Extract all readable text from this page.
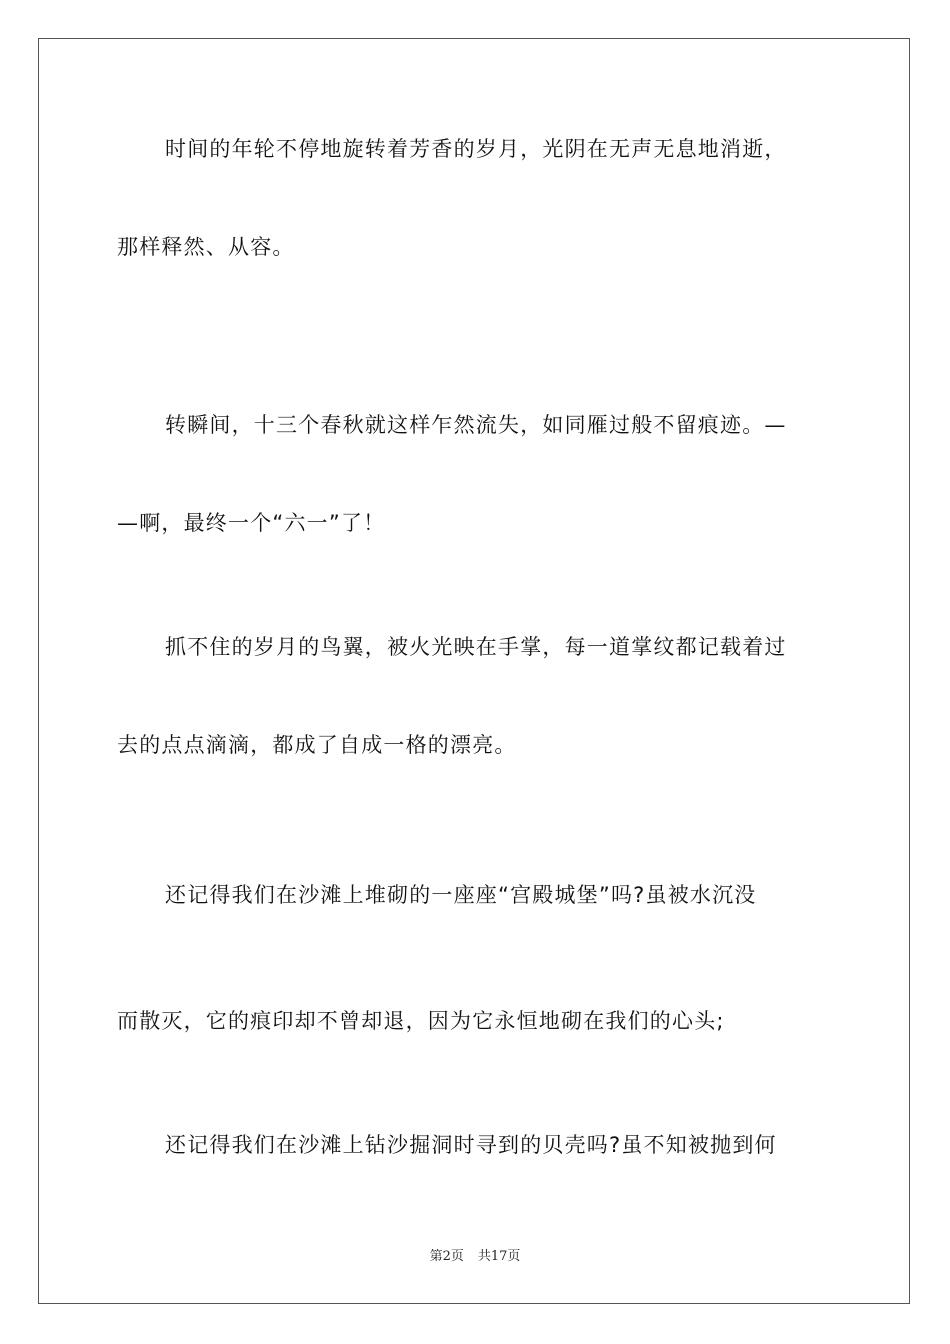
时间的年轮不停地旋转着芳香的岁月，光阴在无声无息地消逝，
那样释然、从容。
转瞬间，十三个春秋就这样乍然流失，如同雁过般不留痕迹。—
—啊，最终一个“六一”了！
抓不住的岁月的鸟翼，被火光映在手掌，每一道掌纹都记载着过
去的点点滴滴，都成了自成一格的漂亮。
还记得我们在沙滩上堆砌的一座座“宫殿城堡”吗?虽被水沉没
而散灭，它的痕印却不曾却退，因为它永恒地砌在我们的心头;
还记得我们在沙滩上钻沙掘洞时寻到的贝壳吗?虽不知被抛到何
第2页 共17页
